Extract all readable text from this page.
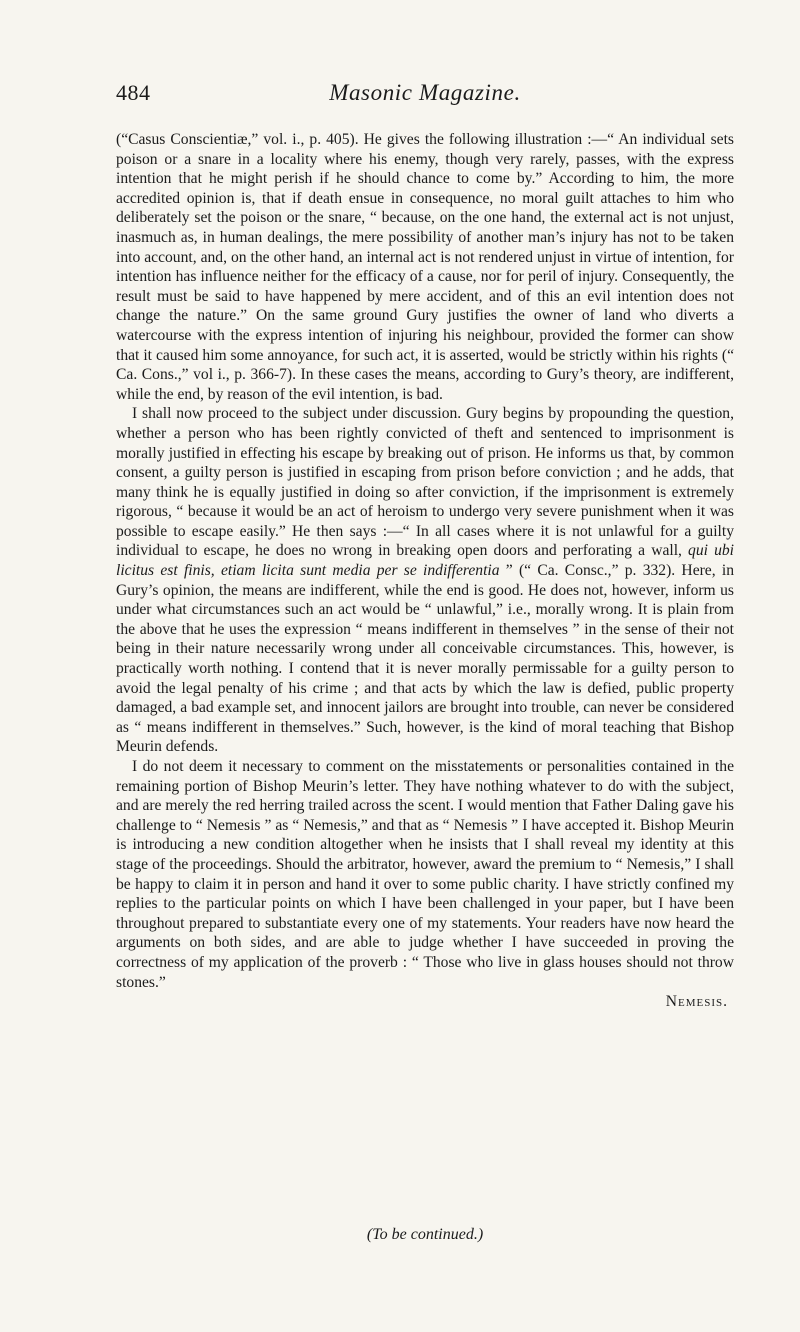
484	Masonic Magazine.

(“Casus Conscientiæ,” vol. i., p. 405). He gives the following illustration :—“ An individual sets poison or a snare in a locality where his enemy, though very rarely, passes, with the express intention that he might perish if he should chance to come by.” According to him, the more accredited opinion is, that if death ensue in consequence, no moral guilt attaches to him who deliberately set the poison or the snare, “ because, on the one hand, the external act is not unjust, inasmuch as, in human dealings, the mere possibility of another man’s injury has not to be taken into account, and, on the other hand, an internal act is not rendered unjust in virtue of intention, for intention has influence neither for the efficacy of a cause, nor for peril of injury. Consequently, the result must be said to have happened by mere accident, and of this an evil intention does not change the nature.” On the same ground Gury justifies the owner of land who diverts a watercourse with the express intention of injuring his neighbour, provided the former can show that it caused him some annoyance, for such act, it is asserted, would be strictly within his rights (“ Ca. Cons.,” vol i., p. 366-7). In these cases the means, according to Gury’s theory, are indifferent, while the end, by reason of the evil intention, is bad.

I shall now proceed to the subject under discussion. Gury begins by propounding the question, whether a person who has been rightly convicted of theft and sentenced to imprisonment is morally justified in effecting his escape by breaking out of prison. He informs us that, by common consent, a guilty person is justified in escaping from prison before conviction ; and he adds, that many think he is equally justified in doing so after conviction, if the imprisonment is extremely rigorous, “ because it would be an act of heroism to undergo very severe punishment when it was possible to escape easily.” He then says :—“ In all cases where it is not unlawful for a guilty individual to escape, he does no wrong in breaking open doors and perforating a wall, qui ubi licitus est finis, etiam licita sunt media per se indifferentia ” (“ Ca. Consc.,” p. 332). Here, in Gury’s opinion, the means are indifferent, while the end is good. He does not, however, inform us under what circumstances such an act would be “ unlawful,” i.e., morally wrong. It is plain from the above that he uses the expression “ means indifferent in themselves ” in the sense of their not being in their nature necessarily wrong under all conceivable circumstances. This, however, is practically worth nothing. I contend that it is never morally permissable for a guilty person to avoid the legal penalty of his crime ; and that acts by which the law is defied, public property damaged, a bad example set, and innocent jailors are brought into trouble, can never be considered as “ means indifferent in themselves.” Such, however, is the kind of moral teaching that Bishop Meurin defends.

I do not deem it necessary to comment on the misstatements or personalities contained in the remaining portion of Bishop Meurin’s letter. They have nothing whatever to do with the subject, and are merely the red herring trailed across the scent. I would mention that Father Daling gave his challenge to “ Nemesis ” as “ Nemesis,” and that as “ Nemesis ” I have accepted it. Bishop Meurin is introducing a new condition altogether when he insists that I shall reveal my identity at this stage of the proceedings. Should the arbitrator, however, award the premium to “ Nemesis,” I shall be happy to claim it in person and hand it over to some public charity. I have strictly confined my replies to the particular points on which I have been challenged in your paper, but I have been throughout prepared to substantiate every one of my statements. Your readers have now heard the arguments on both sides, and are able to judge whether I have succeeded in proving the correctness of my application of the proverb : “ Those who live in glass houses should not throw stones.”

Nemesis.
(To be continued.)
